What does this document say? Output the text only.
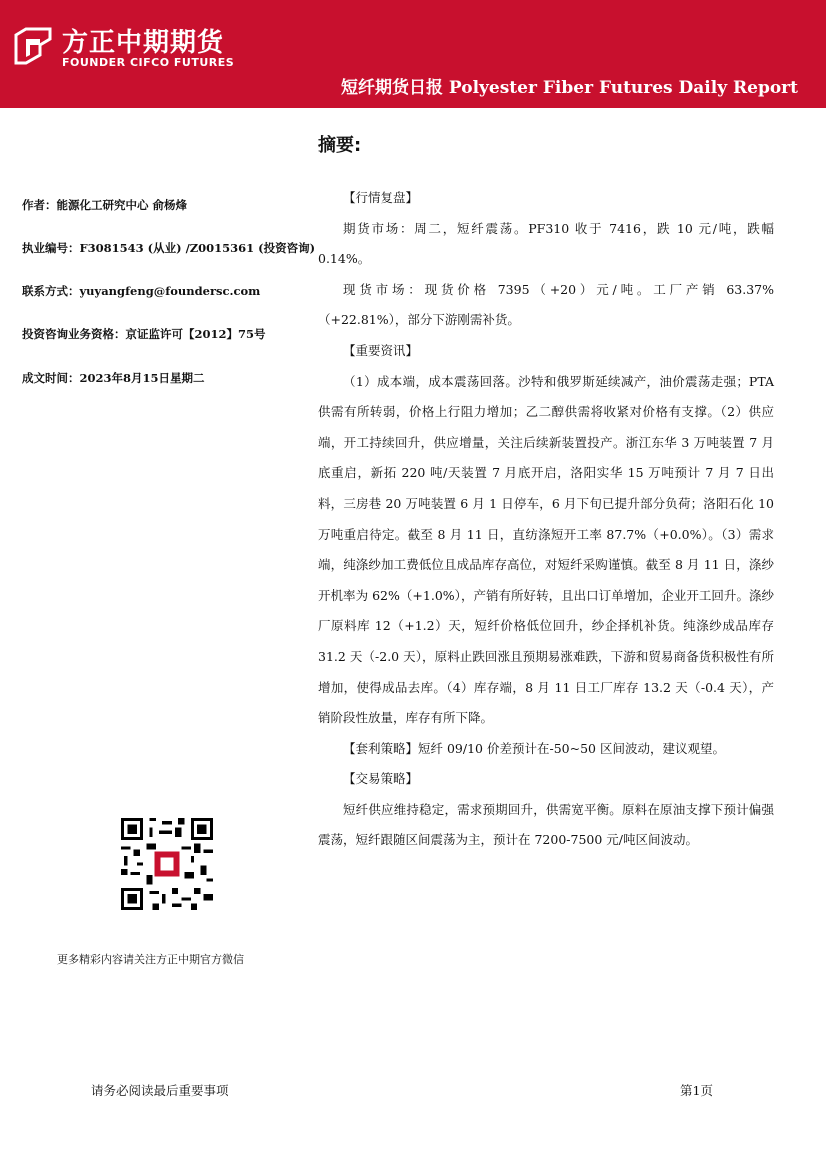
方正中期期货
FOUNDER CIFCO FUTURES
短纤期货日报 Polyester Fiber Futures Daily Report
摘要:
作者：能源化工研究中心 俞杨烽
执业编号：F3081543 (从业) /Z0015361 (投资咨询)
联系方式：yuyangfeng@foundersc.com
投资咨询业务资格：京证监许可【2012】75号
成文时间：2023年8月15日星期二
更多精彩内容请关注方正中期官方微信

【行情复盘】

期货市场：周二，短纤震荡。PF310 收于 7416，跌 10 元/吨，跌幅 0.14%。

现货市场：现货价格 7395（+20）元/吨。工厂产销 63.37%（+22.81%），部分下游刚需补货。

【重要资讯】

（1）成本端，成本震荡回落。沙特和俄罗斯延续减产，油价震荡走强；PTA 供需有所转弱，价格上行阻力增加；乙二醇供需将收紧对价格有支撑。（2）供应端，开工持续回升，供应增量，关注后续新装置投产。浙江东华 3 万吨装置 7 月底重启，新拓 220 吨/天装置 7 月底开启，洛阳实华 15 万吨预计 7 月 7 日出料，三房巷 20 万吨装置 6 月 1 日停车，6 月下旬已提升部分负荷；洛阳石化 10 万吨重启待定。截至 8 月 11 日，直纺涤短开工率 87.7%（+0.0%）。（3）需求端，纯涤纱加工费低位且成品库存高位，对短纤采购谨慎。截至 8 月 11 日，涤纱开机率为 62%（+1.0%），产销有所好转，且出口订单增加，企业开工回升。涤纱厂原料库 12（+1.2）天，短纤价格低位回升，纱企择机补货。纯涤纱成品库存 31.2 天（-2.0 天），原料止跌回涨且预期易涨难跌，下游和贸易商备货积极性有所增加，使得成品去库。（4）库存端，8 月 11 日工厂库存 13.2 天（-0.4 天），产销阶段性放量，库存有所下降。

【套利策略】短纤 09/10 价差预计在-50~50 区间波动，建议观望。

【交易策略】

短纤供应维持稳定，需求预期回升，供需宽平衡。原料在原油支撑下预计偏强震荡，短纤跟随区间震荡为主，预计在 7200-7500 元/吨区间波动。

请务必阅读最后重要事项	第1页
